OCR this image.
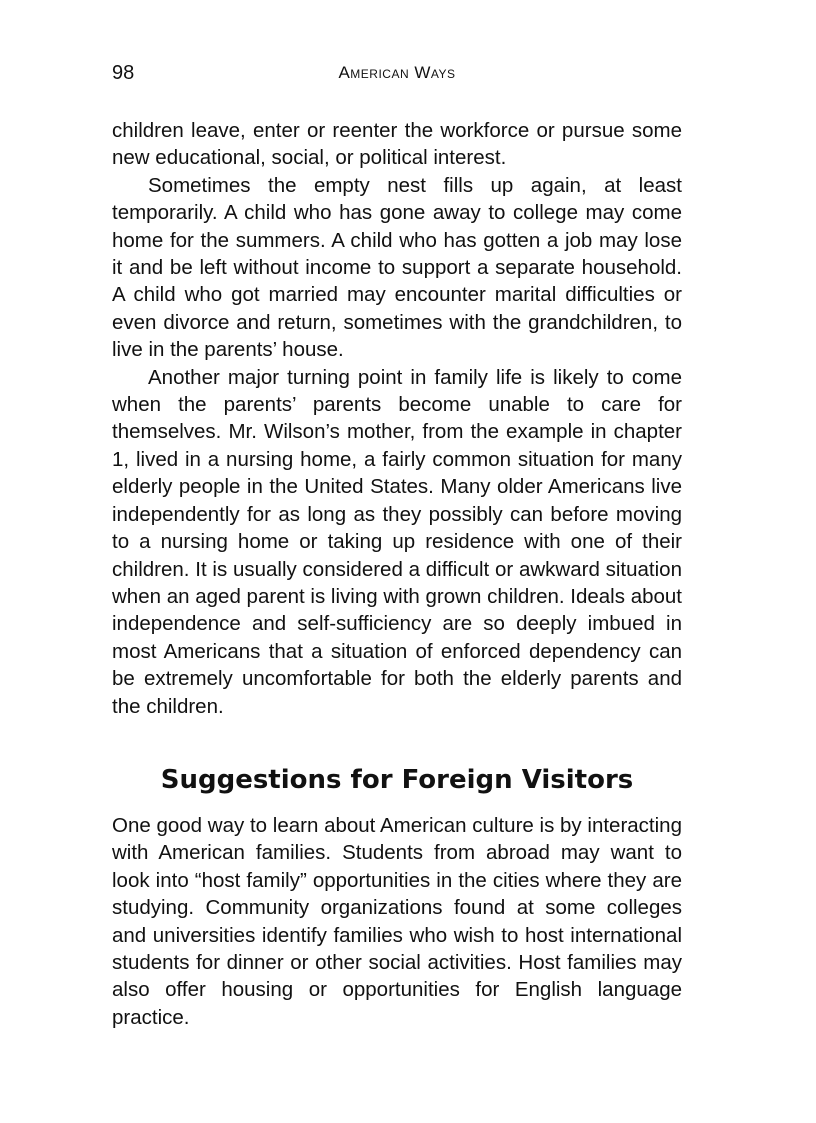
98	American Ways

children leave, enter or reenter the workforce or pursue some new educational, social, or political interest.

Sometimes the empty nest fills up again, at least temporarily. A child who has gone away to college may come home for the summers. A child who has gotten a job may lose it and be left without income to support a separate household. A child who got married may encounter marital difficulties or even divorce and return, sometimes with the grandchildren, to live in the parents’ house.

Another major turning point in family life is likely to come when the parents’ parents become unable to care for themselves. Mr. Wilson’s mother, from the example in chapter 1, lived in a nursing home, a fairly common situation for many elderly people in the United States. Many older Americans live independently for as long as they possibly can before moving to a nursing home or taking up residence with one of their children. It is usually considered a difficult or awkward situation when an aged parent is living with grown children. Ideals about independence and self-sufficiency are so deeply imbued in most Americans that a situation of enforced dependency can be extremely uncomfortable for both the elderly parents and the children.

Suggestions for Foreign Visitors

One good way to learn about American culture is by interacting with American families. Students from abroad may want to look into “host family” opportunities in the cities where they are studying. Community organizations found at some colleges and universities identify families who wish to host international students for dinner or other social activities. Host families may also offer housing or opportunities for English language practice.
